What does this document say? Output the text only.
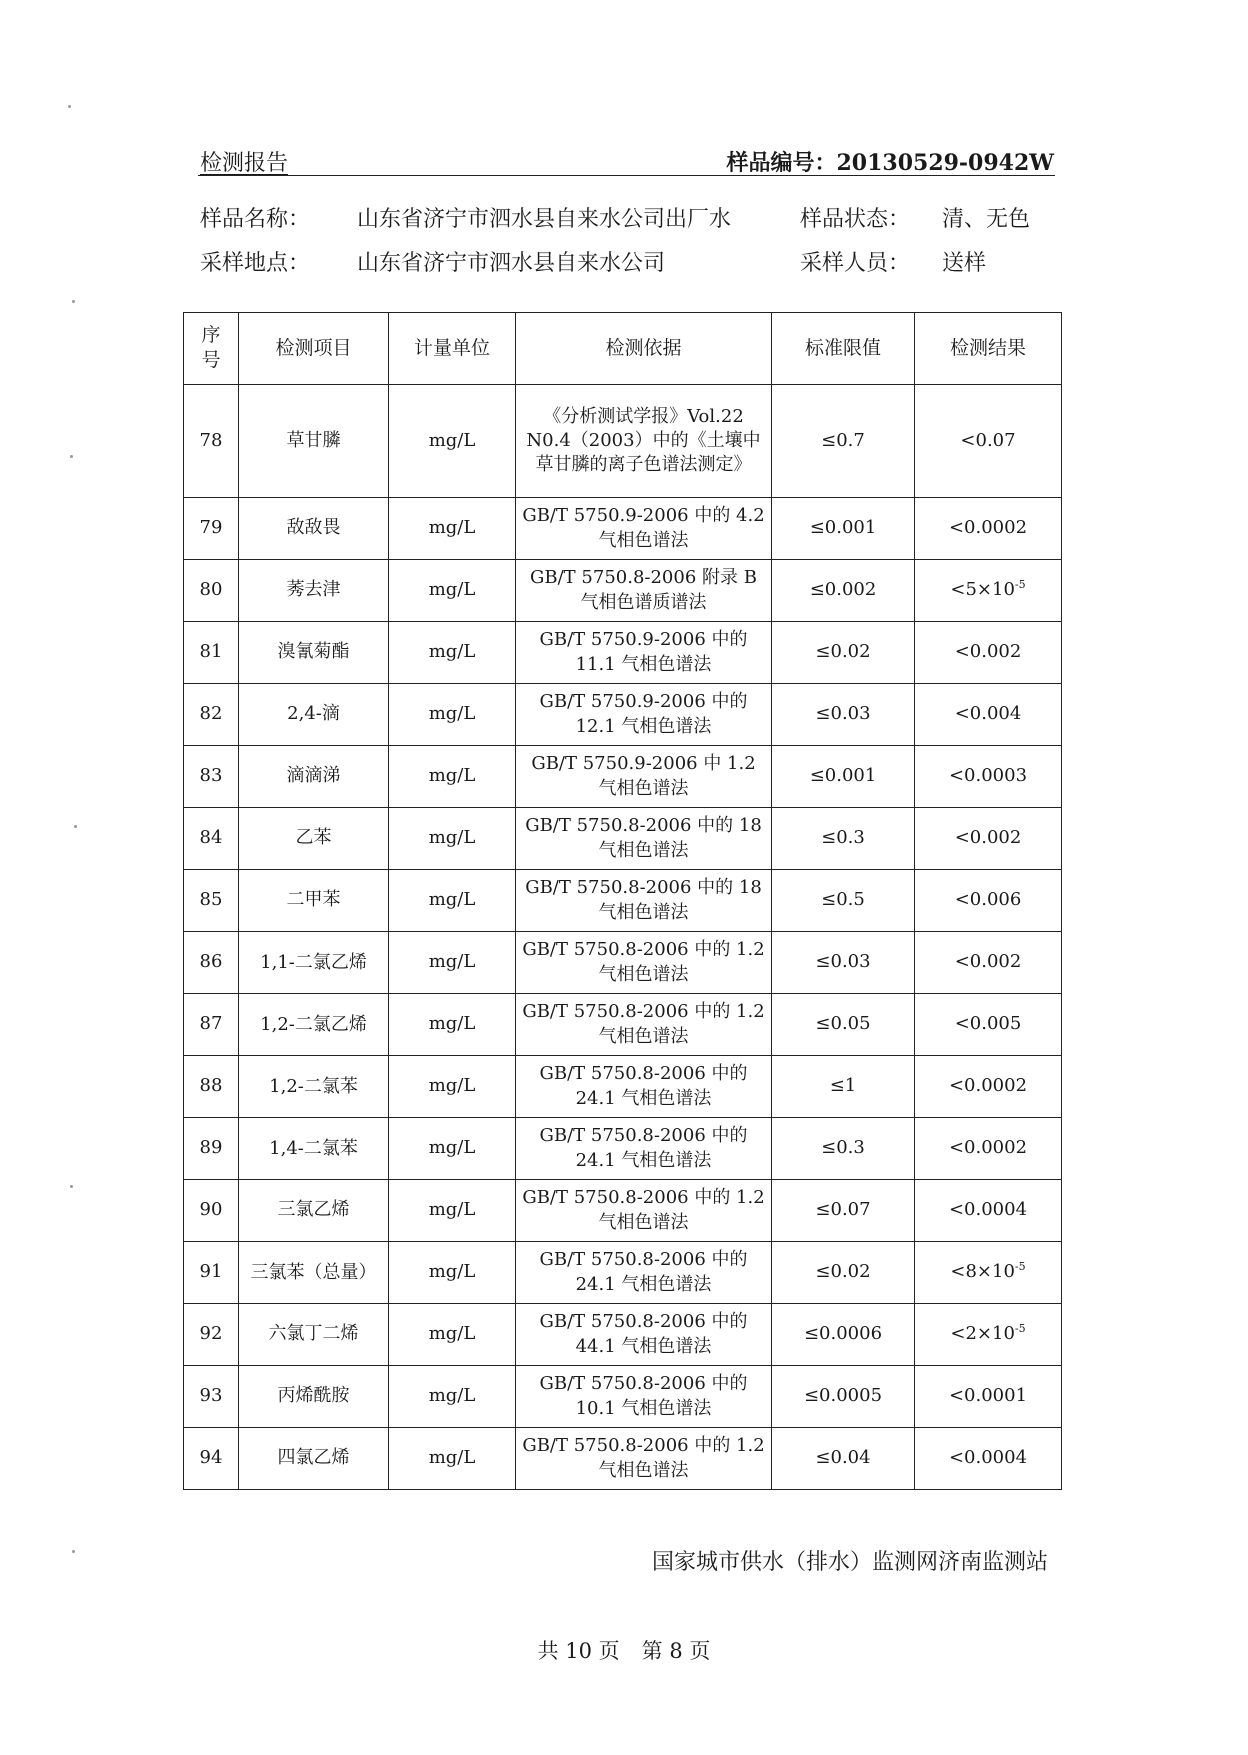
检测报告	样品编号：20130529-0942W
样品名称： 山东省济宁市泗水县自来水公司出厂水	样品状态： 清、无色
采样地点： 山东省济宁市泗水县自来水公司	采样人员： 送样
序号	检测项目	计量单位	检测依据	标准限值	检测结果
78	草甘膦	mg/L	《分析测试学报》Vol.22 N0.4（2003）中的《土壤中草甘膦的离子色谱法测定》	≤0.7	<0.07
79	敌敌畏	mg/L	GB/T 5750.9-2006 中的 4.2 气相色谱法	≤0.001	<0.0002
80	莠去津	mg/L	GB/T 5750.8-2006 附录 B 气相色谱质谱法	≤0.002	$<5\times 10^{-5}$
81	溴氰菊酯	mg/L	GB/T 5750.9-2006 中的 11.1 气相色谱法	≤0.02	<0.002
82	2,4-滴	mg/L	GB/T 5750.9-2006 中的 12.1 气相色谱法	≤0.03	<0.004
83	滴滴涕	mg/L	GB/T 5750.9-2006 中 1.2 气相色谱法	≤0.001	<0.0003
84	乙苯	mg/L	GB/T 5750.8-2006 中的 18 气相色谱法	≤0.3	<0.002
85	二甲苯	mg/L	GB/T 5750.8-2006 中的 18 气相色谱法	≤0.5	<0.006
86	1,1-二氯乙烯	mg/L	GB/T 5750.8-2006 中的 1.2 气相色谱法	≤0.03	<0.002
87	1,2-二氯乙烯	mg/L	GB/T 5750.8-2006 中的 1.2 气相色谱法	≤0.05	<0.005
88	1,2-二氯苯	mg/L	GB/T 5750.8-2006 中的 24.1 气相色谱法	≤1	<0.0002
89	1,4-二氯苯	mg/L	GB/T 5750.8-2006 中的 24.1 气相色谱法	≤0.3	<0.0002
90	三氯乙烯	mg/L	GB/T 5750.8-2006 中的 1.2 气相色谱法	≤0.07	<0.0004
91	三氯苯（总量）	mg/L	GB/T 5750.8-2006 中的 24.1 气相色谱法	≤0.02	$<8\times 10^{-5}$
92	六氯丁二烯	mg/L	GB/T 5750.8-2006 中的 44.1 气相色谱法	≤0.0006	$<2\times 10^{-5}$
93	丙烯酰胺	mg/L	GB/T 5750.8-2006 中的 10.1 气相色谱法	≤0.0005	<0.0001
94	四氯乙烯	mg/L	GB/T 5750.8-2006 中的 1.2 气相色谱法	≤0.04	<0.0004
国家城市供水（排水）监测网济南监测站
共 10 页 第 8 页
